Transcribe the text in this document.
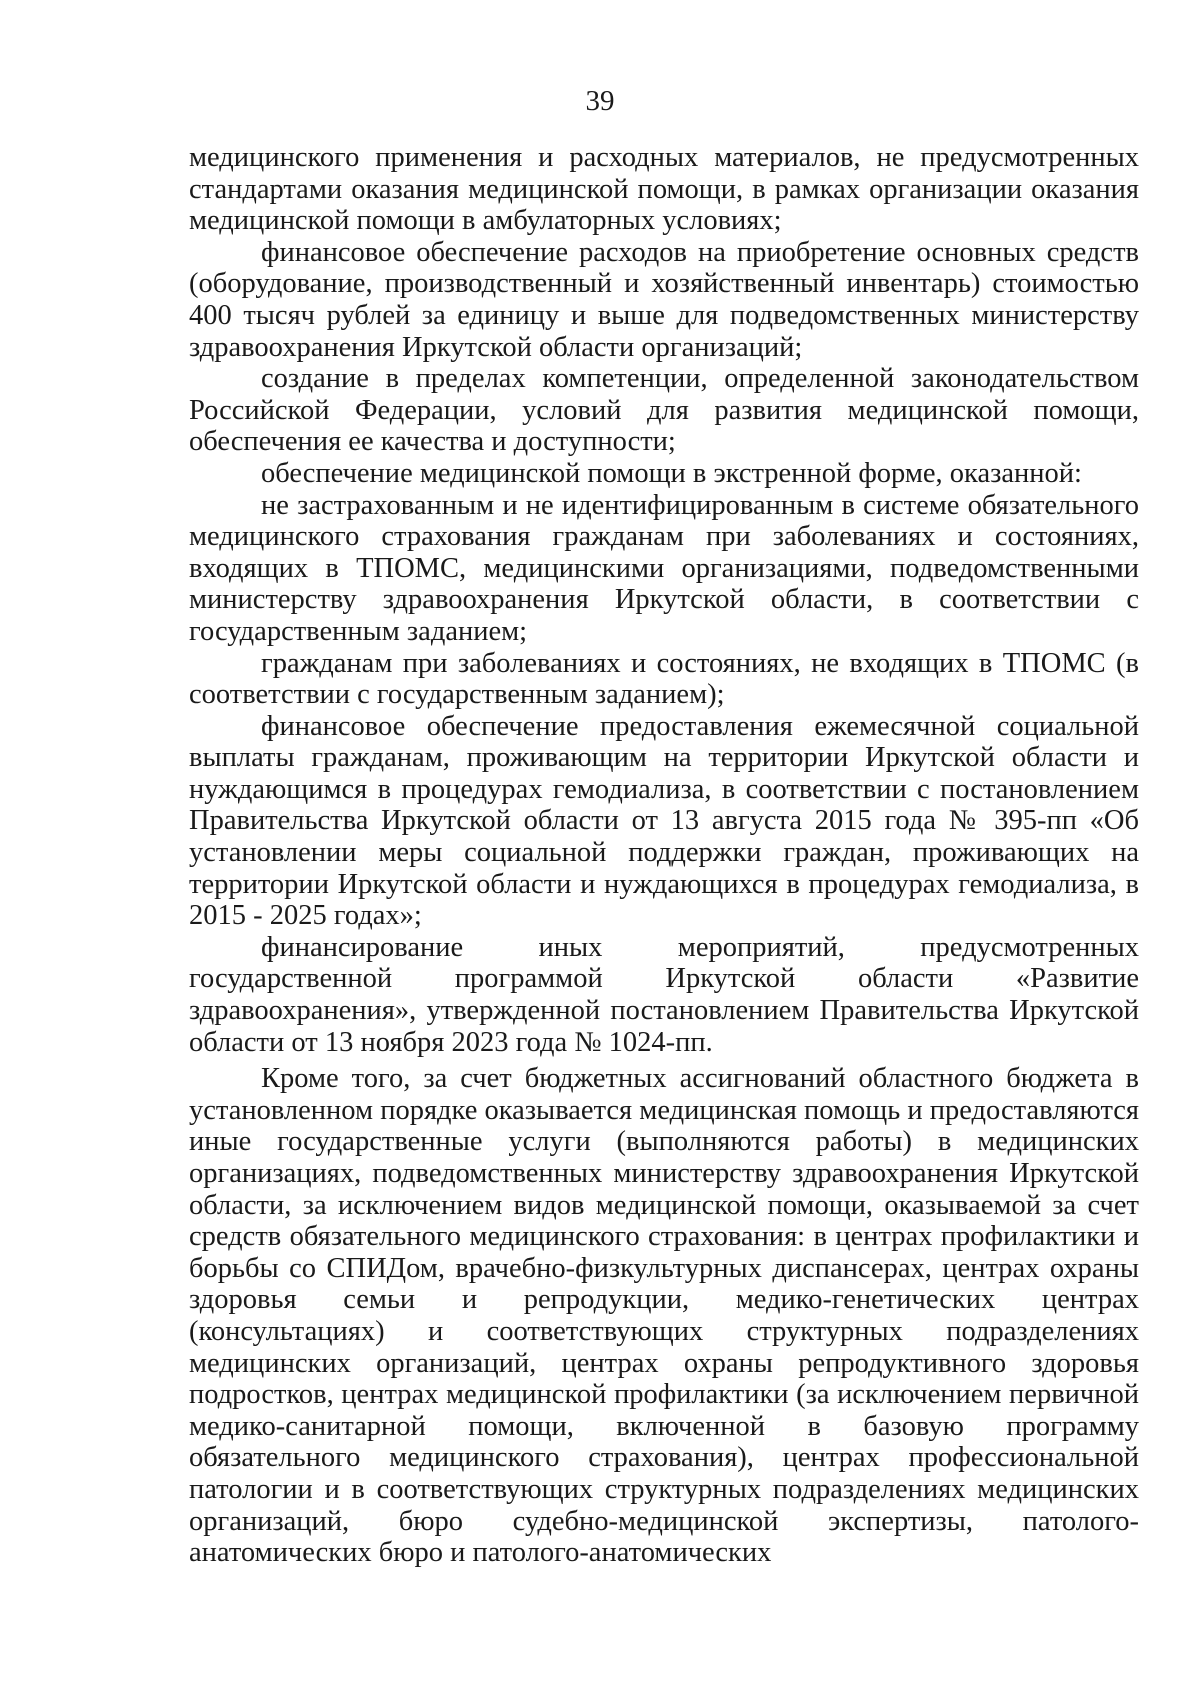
39

медицинского применения и расходных материалов, не предусмотренных стандартами оказания медицинской помощи, в рамках организации оказания медицинской помощи в амбулаторных условиях;

финансовое обеспечение расходов на приобретение основных средств (оборудование, производственный и хозяйственный инвентарь) стоимостью 400 тысяч рублей за единицу и выше для подведомственных министерству здравоохранения Иркутской области организаций;

создание в пределах компетенции, определенной законодательством Российской Федерации, условий для развития медицинской помощи, обеспечения ее качества и доступности;

обеспечение медицинской помощи в экстренной форме, оказанной:

не застрахованным и не идентифицированным в системе обязательного медицинского страхования гражданам при заболеваниях и состояниях, входящих в ТПОМС, медицинскими организациями, подведомственными министерству здравоохранения Иркутской области, в соответствии с государственным заданием;

гражданам при заболеваниях и состояниях, не входящих в ТПОМС (в соответствии с государственным заданием);

финансовое обеспечение предоставления ежемесячной социальной выплаты гражданам, проживающим на территории Иркутской области и нуждающимся в процедурах гемодиализа, в соответствии с постановлением Правительства Иркутской области от 13 августа 2015 года № 395-пп «Об установлении меры социальной поддержки граждан, проживающих на территории Иркутской области и нуждающихся в процедурах гемодиализа, в 2015 - 2025 годах»;

финансирование иных мероприятий, предусмотренных государственной программой Иркутской области «Развитие здравоохранения», утвержденной постановлением Правительства Иркутской области от 13 ноября 2023 года № 1024-пп.

Кроме того, за счет бюджетных ассигнований областного бюджета в установленном порядке оказывается медицинская помощь и предоставляются иные государственные услуги (выполняются работы) в медицинских организациях, подведомственных министерству здравоохранения Иркутской области, за исключением видов медицинской помощи, оказываемой за счет средств обязательного медицинского страхования: в центрах профилактики и борьбы со СПИДом, врачебно-физкультурных диспансерах, центрах охраны здоровья семьи и репродукции, медико-генетических центрах (консультациях) и соответствующих структурных подразделениях медицинских организаций, центрах охраны репродуктивного здоровья подростков, центрах медицинской профилактики (за исключением первичной медико-санитарной помощи, включенной в базовую программу обязательного медицинского страхования), центрах профессиональной патологии и в соответствующих структурных подразделениях медицинских организаций, бюро судебно-медицинской экспертизы, патолого-анатомических бюро и патолого-анатомических
